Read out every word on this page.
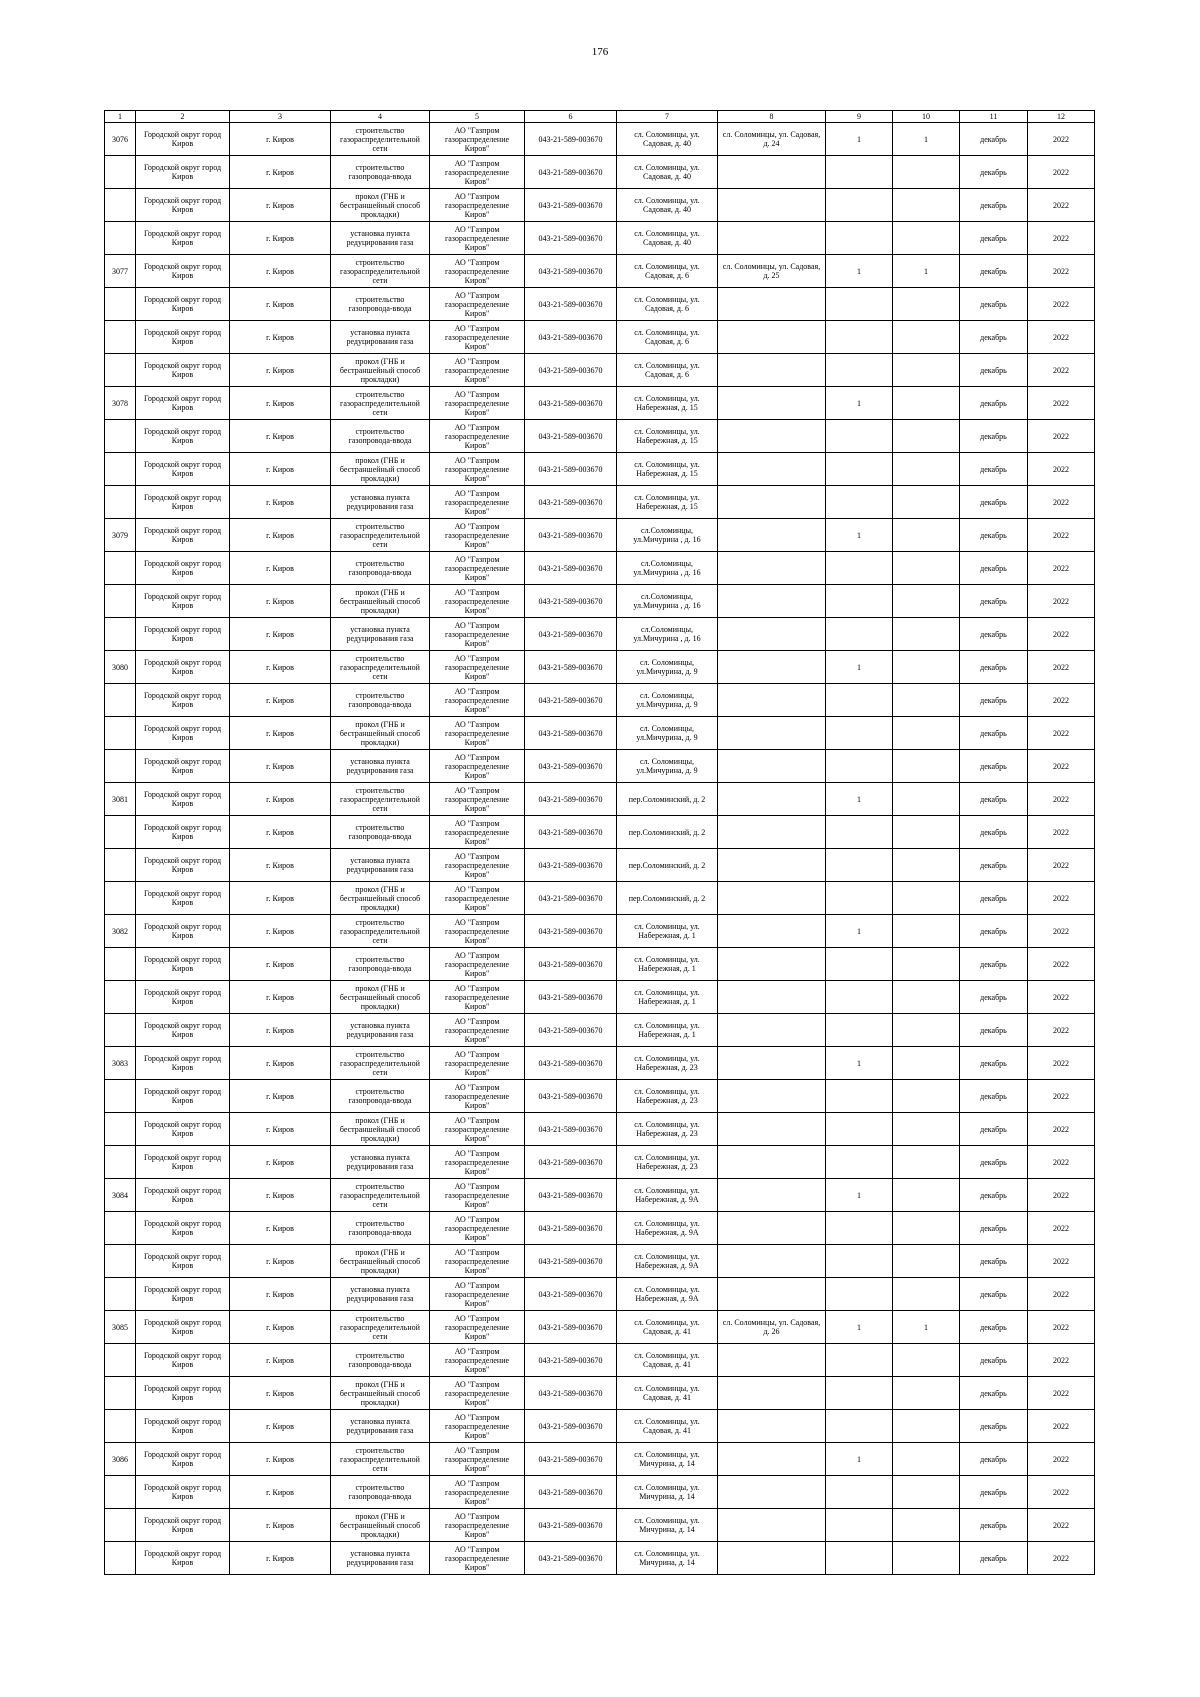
176
1	2	3	4	5	6	7	8	9	10	11	12
3076	Городской округ город Киров	г. Киров	строительство газораспределительной сети	АО "Газпром газораспределение Киров"	043-21-589-003670	сл. Соломинцы, ул. Садовая, д. 40	сл. Соломинцы, ул. Садовая, д. 24	1	1	декабрь	2022
	Городской округ город Киров	г. Киров	строительство газопровода-ввода	АО "Газпром газораспределение Киров"	043-21-589-003670	сл. Соломинцы, ул. Садовая, д. 40				декабрь	2022
	Городской округ город Киров	г. Киров	прокол (ГНБ и бестраншейный способ прокладки)	АО "Газпром газораспределение Киров"	043-21-589-003670	сл. Соломинцы, ул. Садовая, д. 40				декабрь	2022
	Городской округ город Киров	г. Киров	установка пункта редуцирования газа	АО "Газпром газораспределение Киров"	043-21-589-003670	сл. Соломинцы, ул. Садовая, д. 40				декабрь	2022
3077	Городской округ город Киров	г. Киров	строительство газораспределительной сети	АО "Газпром газораспределение Киров"	043-21-589-003670	сл. Соломинцы, ул. Садовая, д. 6	сл. Соломинцы, ул. Садовая, д. 25	1	1	декабрь	2022
	Городской округ город Киров	г. Киров	строительство газопровода-ввода	АО "Газпром газораспределение Киров"	043-21-589-003670	сл. Соломинцы, ул. Садовая, д. 6				декабрь	2022
	Городской округ город Киров	г. Киров	установка пункта редуцирования газа	АО "Газпром газораспределение Киров"	043-21-589-003670	сл. Соломинцы, ул. Садовая, д. 6				декабрь	2022
	Городской округ город Киров	г. Киров	прокол (ГНБ и бестраншейный способ прокладки)	АО "Газпром газораспределение Киров"	043-21-589-003670	сл. Соломинцы, ул. Садовая, д. 6				декабрь	2022
3078	Городской округ город Киров	г. Киров	строительство газораспределительной сети	АО "Газпром газораспределение Киров"	043-21-589-003670	сл. Соломинцы, ул. Набережная, д. 15		1		декабрь	2022
	Городской округ город Киров	г. Киров	строительство газопровода-ввода	АО "Газпром газораспределение Киров"	043-21-589-003670	сл. Соломинцы, ул. Набережная, д. 15				декабрь	2022
	Городской округ город Киров	г. Киров	прокол (ГНБ и бестраншейный способ прокладки)	АО "Газпром газораспределение Киров"	043-21-589-003670	сл. Соломинцы, ул. Набережная, д. 15				декабрь	2022
	Городской округ город Киров	г. Киров	установка пункта редуцирования газа	АО "Газпром газораспределение Киров"	043-21-589-003670	сл. Соломинцы, ул. Набережная, д. 15				декабрь	2022
3079	Городской округ город Киров	г. Киров	строительство газораспределительной сети	АО "Газпром газораспределение Киров"	043-21-589-003670	сл.Соломинцы, ул.Мичурина , д. 16		1		декабрь	2022
	Городской округ город Киров	г. Киров	строительство газопровода-ввода	АО "Газпром газораспределение Киров"	043-21-589-003670	сл.Соломинцы, ул.Мичурина , д. 16				декабрь	2022
	Городской округ город Киров	г. Киров	прокол (ГНБ и бестраншейный способ прокладки)	АО "Газпром газораспределение Киров"	043-21-589-003670	сл.Соломинцы, ул.Мичурина , д. 16				декабрь	2022
	Городской округ город Киров	г. Киров	установка пункта редуцирования газа	АО "Газпром газораспределение Киров"	043-21-589-003670	сл.Соломинцы, ул.Мичурина , д. 16				декабрь	2022
3080	Городской округ город Киров	г. Киров	строительство газораспределительной сети	АО "Газпром газораспределение Киров"	043-21-589-003670	сл. Соломинцы, ул.Мичурина, д. 9		1		декабрь	2022
	Городской округ город Киров	г. Киров	строительство газопровода-ввода	АО "Газпром газораспределение Киров"	043-21-589-003670	сл. Соломинцы, ул.Мичурина, д. 9				декабрь	2022
	Городской округ город Киров	г. Киров	прокол (ГНБ и бестраншейный способ прокладки)	АО "Газпром газораспределение Киров"	043-21-589-003670	сл. Соломинцы, ул.Мичурина, д. 9				декабрь	2022
	Городской округ город Киров	г. Киров	установка пункта редуцирования газа	АО "Газпром газораспределение Киров"	043-21-589-003670	сл. Соломинцы, ул.Мичурина, д. 9				декабрь	2022
3081	Городской округ город Киров	г. Киров	строительство газораспределительной сети	АО "Газпром газораспределение Киров"	043-21-589-003670	пер.Соломинский, д. 2		1		декабрь	2022
	Городской округ город Киров	г. Киров	строительство газопровода-ввода	АО "Газпром газораспределение Киров"	043-21-589-003670	пер.Соломинский, д. 2				декабрь	2022
	Городской округ город Киров	г. Киров	установка пункта редуцирования газа	АО "Газпром газораспределение Киров"	043-21-589-003670	пер.Соломинский, д. 2				декабрь	2022
	Городской округ город Киров	г. Киров	прокол (ГНБ и бестраншейный способ прокладки)	АО "Газпром газораспределение Киров"	043-21-589-003670	пер.Соломинский, д. 2				декабрь	2022
3082	Городской округ город Киров	г. Киров	строительство газораспределительной сети	АО "Газпром газораспределение Киров"	043-21-589-003670	сл. Соломинцы, ул. Набережная, д. 1		1		декабрь	2022
	Городской округ город Киров	г. Киров	строительство газопровода-ввода	АО "Газпром газораспределение Киров"	043-21-589-003670	сл. Соломинцы, ул. Набережная, д. 1				декабрь	2022
	Городской округ город Киров	г. Киров	прокол (ГНБ и бестраншейный способ прокладки)	АО "Газпром газораспределение Киров"	043-21-589-003670	сл. Соломинцы, ул. Набережная, д. 1				декабрь	2022
	Городской округ город Киров	г. Киров	установка пункта редуцирования газа	АО "Газпром газораспределение Киров"	043-21-589-003670	сл. Соломинцы, ул. Набережная, д. 1				декабрь	2022
3083	Городской округ город Киров	г. Киров	строительство газораспределительной сети	АО "Газпром газораспределение Киров"	043-21-589-003670	сл. Соломинцы, ул. Набережная, д. 23		1		декабрь	2022
	Городской округ город Киров	г. Киров	строительство газопровода-ввода	АО "Газпром газораспределение Киров"	043-21-589-003670	сл. Соломинцы, ул. Набережная, д. 23				декабрь	2022
	Городской округ город Киров	г. Киров	прокол (ГНБ и бестраншейный способ прокладки)	АО "Газпром газораспределение Киров"	043-21-589-003670	сл. Соломинцы, ул. Набережная, д. 23				декабрь	2022
	Городской округ город Киров	г. Киров	установка пункта редуцирования газа	АО "Газпром газораспределение Киров"	043-21-589-003670	сл. Соломинцы, ул. Набережная, д. 23				декабрь	2022
3084	Городской округ город Киров	г. Киров	строительство газораспределительной сети	АО "Газпром газораспределение Киров"	043-21-589-003670	сл. Соломинцы, ул. Набережная, д. 9А		1		декабрь	2022
	Городской округ город Киров	г. Киров	строительство газопровода-ввода	АО "Газпром газораспределение Киров"	043-21-589-003670	сл. Соломинцы, ул. Набережная, д. 9А				декабрь	2022
	Городской округ город Киров	г. Киров	прокол (ГНБ и бестраншейный способ прокладки)	АО "Газпром газораспределение Киров"	043-21-589-003670	сл. Соломинцы, ул. Набережная, д. 9А				декабрь	2022
	Городской округ город Киров	г. Киров	установка пункта редуцирования газа	АО "Газпром газораспределение Киров"	043-21-589-003670	сл. Соломинцы, ул. Набережная, д. 9А				декабрь	2022
3085	Городской округ город Киров	г. Киров	строительство газораспределительной сети	АО "Газпром газораспределение Киров"	043-21-589-003670	сл. Соломинцы, ул. Садовая, д. 41	сл. Соломинцы, ул. Садовая, д. 26	1	1	декабрь	2022
	Городской округ город Киров	г. Киров	строительство газопровода-ввода	АО "Газпром газораспределение Киров"	043-21-589-003670	сл. Соломинцы, ул. Садовая, д. 41				декабрь	2022
	Городской округ город Киров	г. Киров	прокол (ГНБ и бестраншейный способ прокладки)	АО "Газпром газораспределение Киров"	043-21-589-003670	сл. Соломинцы, ул. Садовая, д. 41				декабрь	2022
	Городской округ город Киров	г. Киров	установка пункта редуцирования газа	АО "Газпром газораспределение Киров"	043-21-589-003670	сл. Соломинцы, ул. Садовая, д. 41				декабрь	2022
3086	Городской округ город Киров	г. Киров	строительство газораспределительной сети	АО "Газпром газораспределение Киров"	043-21-589-003670	сл. Соломинцы, ул. Мичурина, д. 14		1		декабрь	2022
	Городской округ город Киров	г. Киров	строительство газопровода-ввода	АО "Газпром газораспределение Киров"	043-21-589-003670	сл. Соломинцы, ул. Мичурина, д. 14				декабрь	2022
	Городской округ город Киров	г. Киров	прокол (ГНБ и бестраншейный способ прокладки)	АО "Газпром газораспределение Киров"	043-21-589-003670	сл. Соломинцы, ул. Мичурина, д. 14				декабрь	2022
	Городской округ город Киров	г. Киров	установка пункта редуцирования газа	АО "Газпром газораспределение Киров"	043-21-589-003670	сл. Соломинцы, ул. Мичурина, д. 14				декабрь	2022
